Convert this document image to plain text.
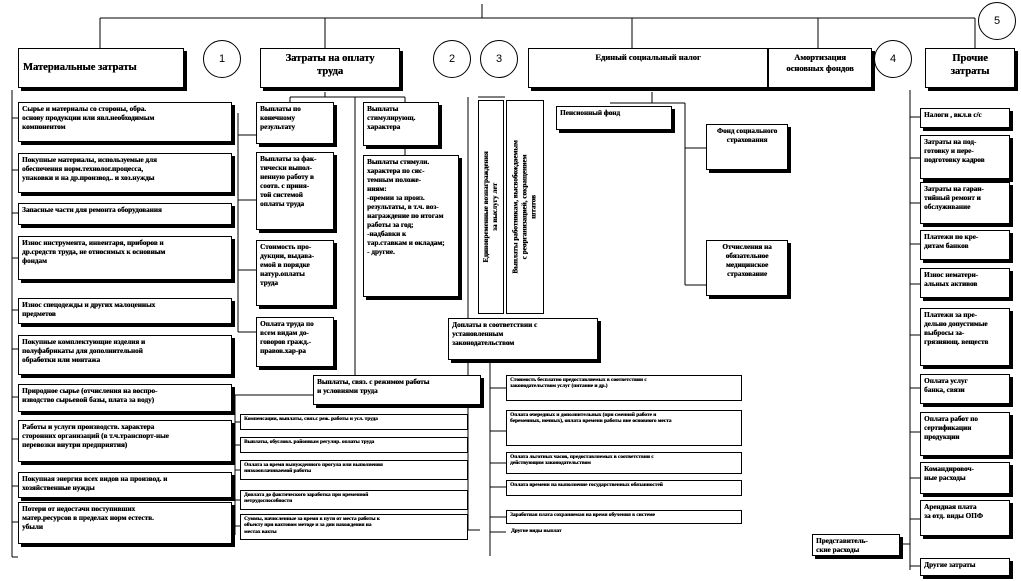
1	2	3	4
5
Материальные затраты
Затраты на оплату
труда
Единый социальный налог	Амортизация
основных фондов
Прочие
затраты
Сырье и материалы со стороны, обра.
основу продукции или явл.необходимым
компонентом
Покупные материалы, используемые для
обеспечения норм.технолог.процесса,
упаковки и на др.производ.. и хоз.нужды
Запасные части для ремонта оборудования
Износ инструмента, инвентаря, приборов и
др.средств труда, не относимых к основным
фондам
Износ спецодежды и других малоценных
предметов
Покупные комплектующие изделия и
полуфабрикаты для дополнительной
обработки или монтажа
Природное сырье (отчисления на воспро-
изводство сырьевой базы, плата за воду)
Работы и услуги производств. характера
сторонних организаций (в т.ч.транспорт-ные
перевозки внутри предприятия)
Покупная энергия всех видов на производ. и
хозяйственные нужды
Потери от недостачи поступивших
матер.ресурсов в пределах норм естеств.
убыли
Выплаты по
конечному
результату
Выплаты за фак-
тически выпол-
ненную работу в
соотв. с приня-
той системой
оплаты труда
Стоимость про-
дукции, выдава-
емой в порядке
натур.оплаты
труда
Оплата труда по
всем видам до-
говоров гражд.-
правов.хар-ра
Выплаты
стимулирующ.
характера
Выплаты стимули.
характера по сис-
темным положе-
ниям:
-премии за произ.
результаты, в т.ч. воз-
награждение по итогам
работы за год;
-надбавки к
тар.ставкам и окладам;
- другие.
Выплаты, связ. с режимом работы
и условиями труда
Доплаты в соответствии с
установленным
законодательством
Компенсации, выплаты, связ.с реж. работы и усл. труда
Выплаты, обусловл. районным регулир. оплаты труда
Оплата за время вынужденного прогула или выполнения
низкооплачиваемой работы
Доплата до фактического заработка при временной
нетрудоспособности
Суммы, начисленные за время в пути от места работы к
объекту при вахтовом методе и за дни нахождения на
местах вахты
Единовременные вознаграждения
за выслугу лет
Выплаты работникам, высвобождаемым
с реорганизацией, сокращением
штатов
Стоимость бесплатно предоставляемых в соответствии с
законодательством услуг (питание и др.)
Оплата очередных и дополнительных (при сменной работе и
беременных, ночных), оплата времени работы вне основного места
Оплата льготных часов, предоставляемых в соответствии с
действующим законодательством
Оплата времени на выполнение государственных обязанностей
Заработная плата сохраняемая на время обучения в системе
Другие виды выплат
Пенсионный фонд
Фонд социального
страхования
Отчисления на
обязательное
медицинское
страхование
Налоги , вкл.в с/с
Затраты на под-
готовку и пере-
подготовку кадров
Затраты на гаран-
тийный ремонт и
обслуживание
Платежи по кре-
дитам банков
Износ нематери-
альных активов
Платежи за пре-
дельно допустимые
выбросы за-
грязняющ. веществ
Оплата услуг
банка, связи
Оплата работ по
сертификации
продукции
Командировоч-
ные расходы
Арендная плата
за отд. виды ОПФ
Представитель-
ские расходы
Другие затраты
